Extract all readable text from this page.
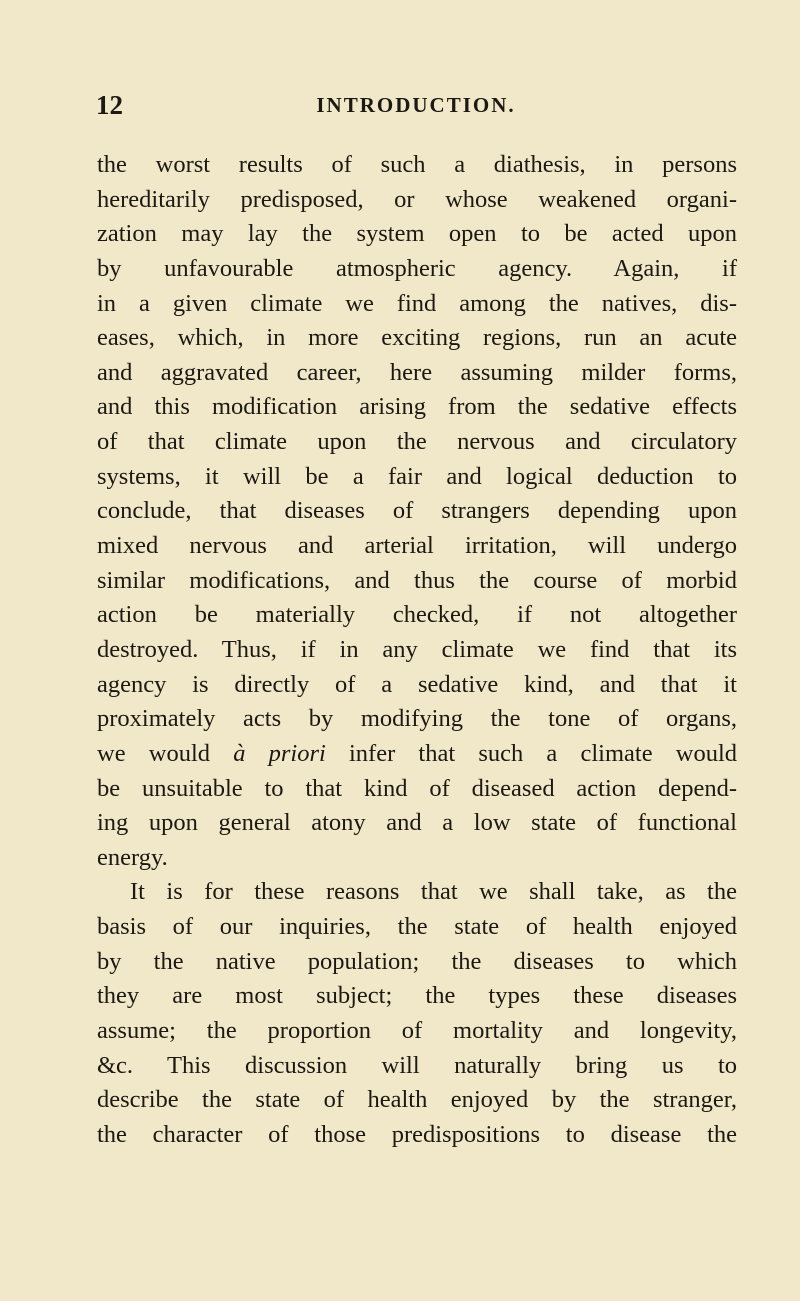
12	INTRODUCTION.
the worst results of such a diathesis, in persons
hereditarily predisposed, or whose weakened organi-
zation may lay the system open to be acted upon
by unfavourable atmospheric agency. Again, if
in a given climate we find among the natives, dis-
eases, which, in more exciting regions, run an acute
and aggravated career, here assuming milder forms,
and this modification arising from the sedative effects
of that climate upon the nervous and circulatory
systems, it will be a fair and logical deduction to
conclude, that diseases of strangers depending upon
mixed nervous and arterial irritation, will undergo
similar modifications, and thus the course of morbid
action be materially checked, if not altogether
destroyed. Thus, if in any climate we find that its
agency is directly of a sedative kind, and that it
proximately acts by modifying the tone of organs,
we would à priori infer that such a climate would
be unsuitable to that kind of diseased action depend-
ing upon general atony and a low state of functional
energy.
It is for these reasons that we shall take, as the
basis of our inquiries, the state of health enjoyed
by the native population; the diseases to which
they are most subject; the types these diseases
assume; the proportion of mortality and longevity,
&c. This discussion will naturally bring us to
describe the state of health enjoyed by the stranger,
the character of those predispositions to disease the
